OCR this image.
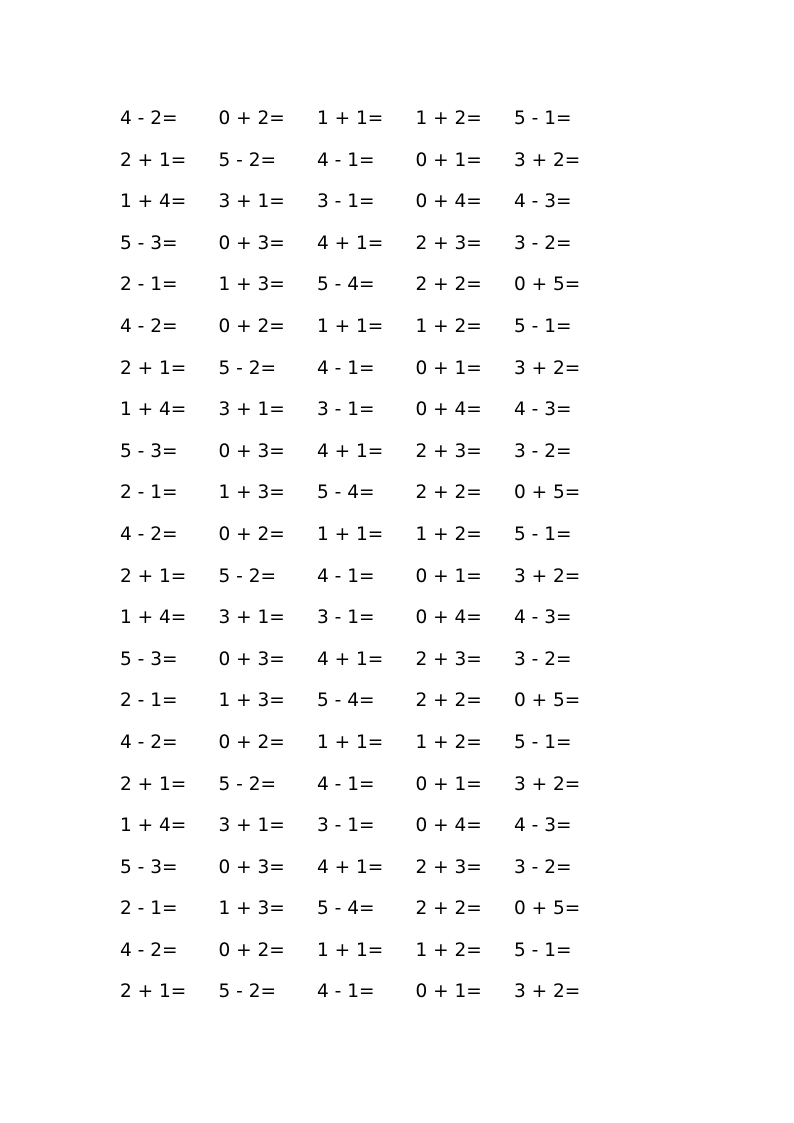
4 - 2=	0 + 2=	1 + 1=	1 + 2=	5 - 1=
2 + 1=	5 - 2=	4 - 1=	0 + 1=	3 + 2=
1 + 4=	3 + 1=	3 - 1=	0 + 4=	4 - 3=
5 - 3=	0 + 3=	4 + 1=	2 + 3=	3 - 2=
2 - 1=	1 + 3=	5 - 4=	2 + 2=	0 + 5=
4 - 2=	0 + 2=	1 + 1=	1 + 2=	5 - 1=
2 + 1=	5 - 2=	4 - 1=	0 + 1=	3 + 2=
1 + 4=	3 + 1=	3 - 1=	0 + 4=	4 - 3=
5 - 3=	0 + 3=	4 + 1=	2 + 3=	3 - 2=
2 - 1=	1 + 3=	5 - 4=	2 + 2=	0 + 5=
4 - 2=	0 + 2=	1 + 1=	1 + 2=	5 - 1=
2 + 1=	5 - 2=	4 - 1=	0 + 1=	3 + 2=
1 + 4=	3 + 1=	3 - 1=	0 + 4=	4 - 3=
5 - 3=	0 + 3=	4 + 1=	2 + 3=	3 - 2=
2 - 1=	1 + 3=	5 - 4=	2 + 2=	0 + 5=
4 - 2=	0 + 2=	1 + 1=	1 + 2=	5 - 1=
2 + 1=	5 - 2=	4 - 1=	0 + 1=	3 + 2=
1 + 4=	3 + 1=	3 - 1=	0 + 4=	4 - 3=
5 - 3=	0 + 3=	4 + 1=	2 + 3=	3 - 2=
2 - 1=	1 + 3=	5 - 4=	2 + 2=	0 + 5=
4 - 2=	0 + 2=	1 + 1=	1 + 2=	5 - 1=
2 + 1=	5 - 2=	4 - 1=	0 + 1=	3 + 2=
